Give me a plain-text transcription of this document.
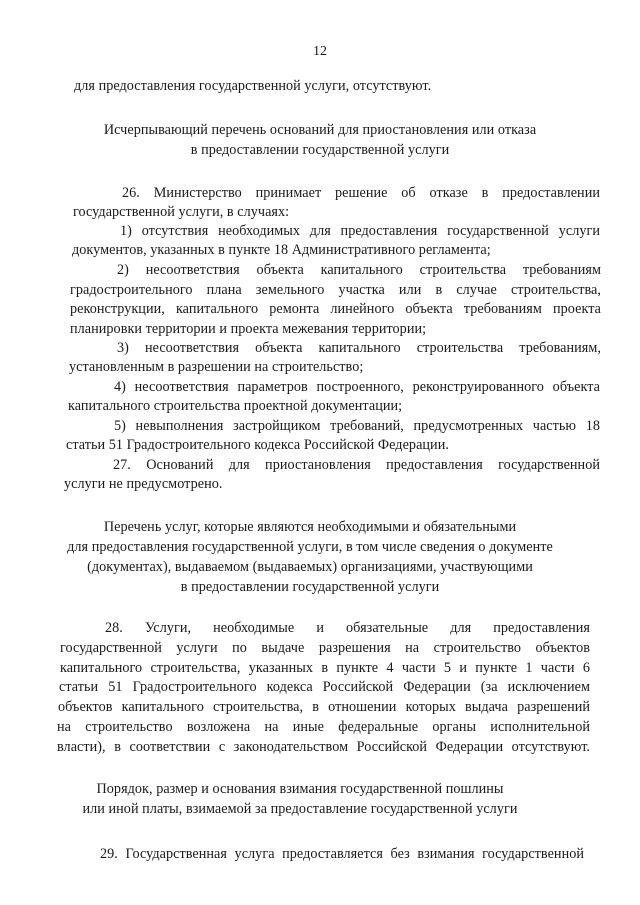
12
для предоставления государственной услуги, отсутствуют.
Исчерпывающий перечень оснований для приостановления или отказа
в предоставлении государственной услуги
26. Министерство принимает решение об отказе в предоставлении
государственной услуги, в случаях:
1) отсутствия необходимых для предоставления государственной услуги
документов, указанных в пункте 18 Административного регламента;
2) несоответствия объекта капитального строительства требованиям
градостроительного плана земельного участка или в случае строительства,
реконструкции, капитального ремонта линейного объекта требованиям проекта
планировки территории и проекта межевания территории;
3) несоответствия объекта капитального строительства требованиям,
установленным в разрешении на строительство;
4) несоответствия параметров построенного, реконструированного объекта
капитального строительства проектной документации;
5) невыполнения застройщиком требований, предусмотренных частью 18
статьи 51 Градостроительного кодекса Российской Федерации.
27. Оснований для приостановления предоставления государственной
услуги не предусмотрено.
Перечень услуг, которые являются необходимыми и обязательными
для предоставления государственной услуги, в том числе сведения о документе
(документах), выдаваемом (выдаваемых) организациями, участвующими
в предоставлении государственной услуги
28. Услуги, необходимые и обязательные для предоставления
государственной услуги по выдаче разрешения на строительство объектов
капитального строительства, указанных в пункте 4 части 5 и пункте 1 части 6
статьи 51 Градостроительного кодекса Российской Федерации (за исключением
объектов капитального строительства, в отношении которых выдача разрешений
на строительство возложена на иные федеральные органы исполнительной
власти), в соответствии с законодательством Российской Федерации отсутствуют.
Порядок, размер и основания взимания государственной пошлины
или иной платы, взимаемой за предоставление государственной услуги
29. Государственная услуга предоставляется без взимания государственной
